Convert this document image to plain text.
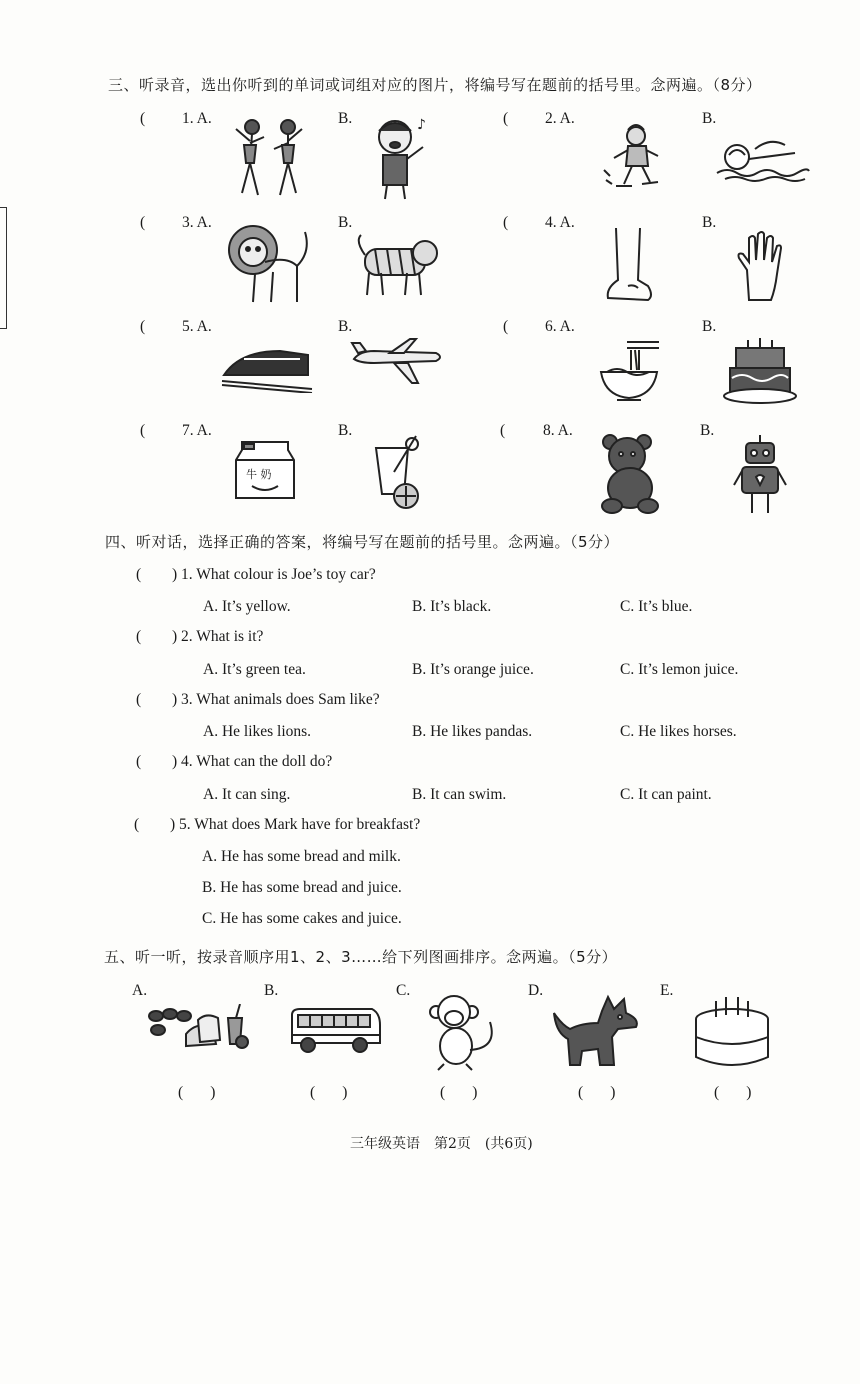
三、听录音，选出你听到的单词或词组对应的图片，将编号写在题前的括号里。念两遍。（8分）
( 1. A.	B.	( 2. A.	B.
♪
( 3. A.	B.	( 4. A.	B.
( 5. A.	B.	( 6. A.	B.
( 7. A.	B.	( 8. A.	B.
牛 奶
四、听对话，选择正确的答案，将编号写在题前的括号里。念两遍。（5分）
( ) 1. What colour is Joe’s toy car?
A. It’s yellow.	B. It’s black.	C. It’s blue.
( ) 2. What is it?
A. It’s green tea.	B. It’s orange juice.	C. It’s lemon juice.
( ) 3. What animals does Sam like?
A. He likes lions.	B. He likes pandas.	C. He likes horses.
( ) 4. What can the doll do?
A. It can sing.	B. It can swim.	C. It can paint.
( ) 5. What does Mark have for breakfast?
A. He has some bread and milk.
B. He has some bread and juice.
C. He has some cakes and juice.
五、听一听，按录音顺序用1、2、3……给下列图画排序。念两遍。（5分）
A.	B.	C.	D.	E.
(       )	(       )	(       )	(       )	(       )
三年级英语　第2页　(共6页)
